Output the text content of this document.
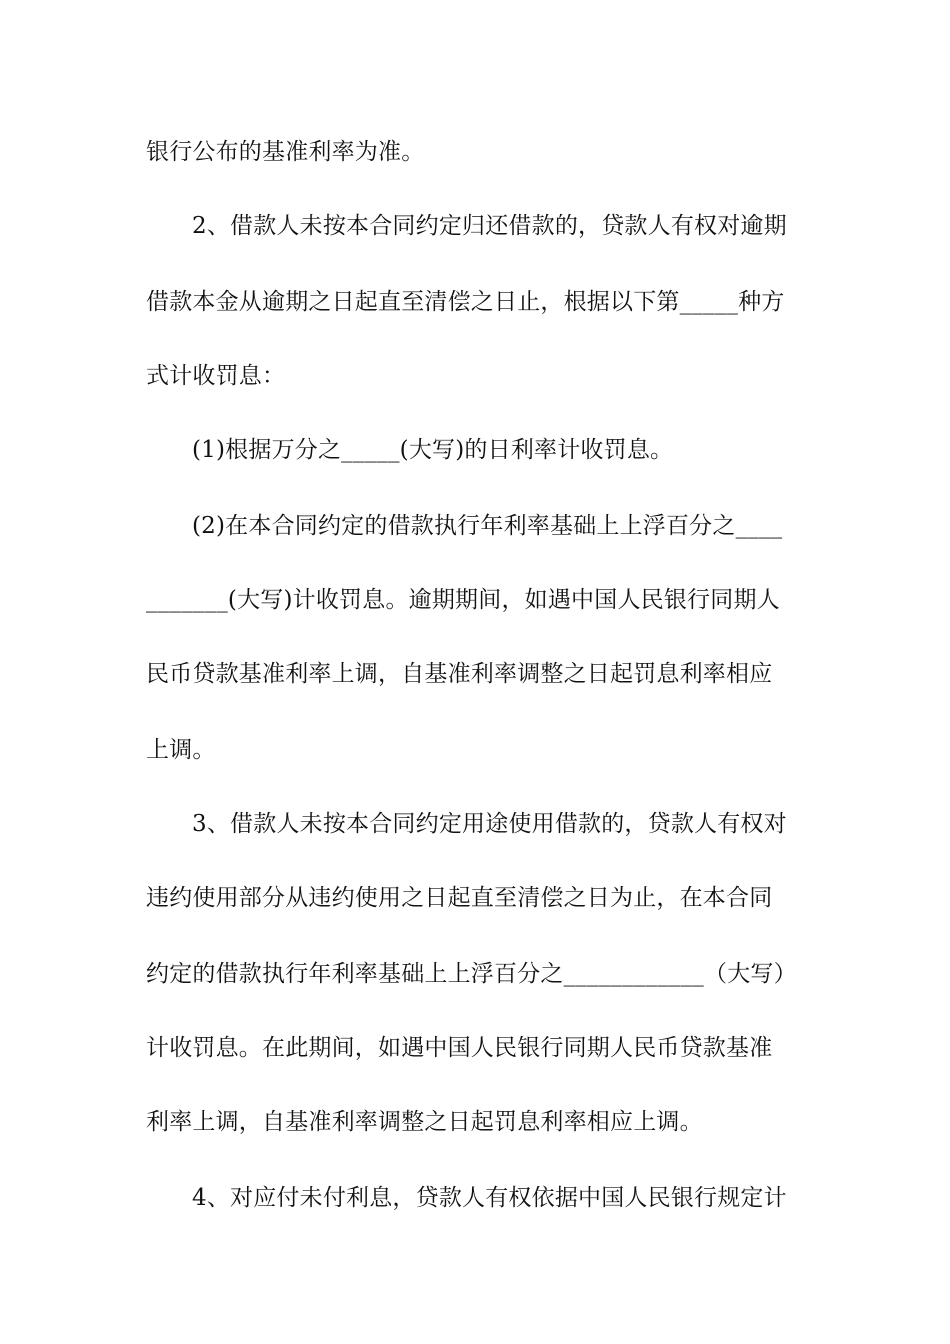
银行公布的基准利率为准。
2、借款人未按本合同约定归还借款的，贷款人有权对逾期
借款本金从逾期之日起直至清偿之日止，根据以下第_____种方
式计收罚息：
(1)根据万分之_____(大写)的日利率计收罚息。
(2)在本合同约定的借款执行年利率基础上上浮百分之____
_______(大写)计收罚息。逾期期间，如遇中国人民银行同期人
民币贷款基准利率上调，自基准利率调整之日起罚息利率相应
上调。
3、借款人未按本合同约定用途使用借款的，贷款人有权对
违约使用部分从违约使用之日起直至清偿之日为止，在本合同
约定的借款执行年利率基础上上浮百分之____________（大写）
计收罚息。在此期间，如遇中国人民银行同期人民币贷款基准
利率上调，自基准利率调整之日起罚息利率相应上调。
4、对应付未付利息，贷款人有权依据中国人民银行规定计
